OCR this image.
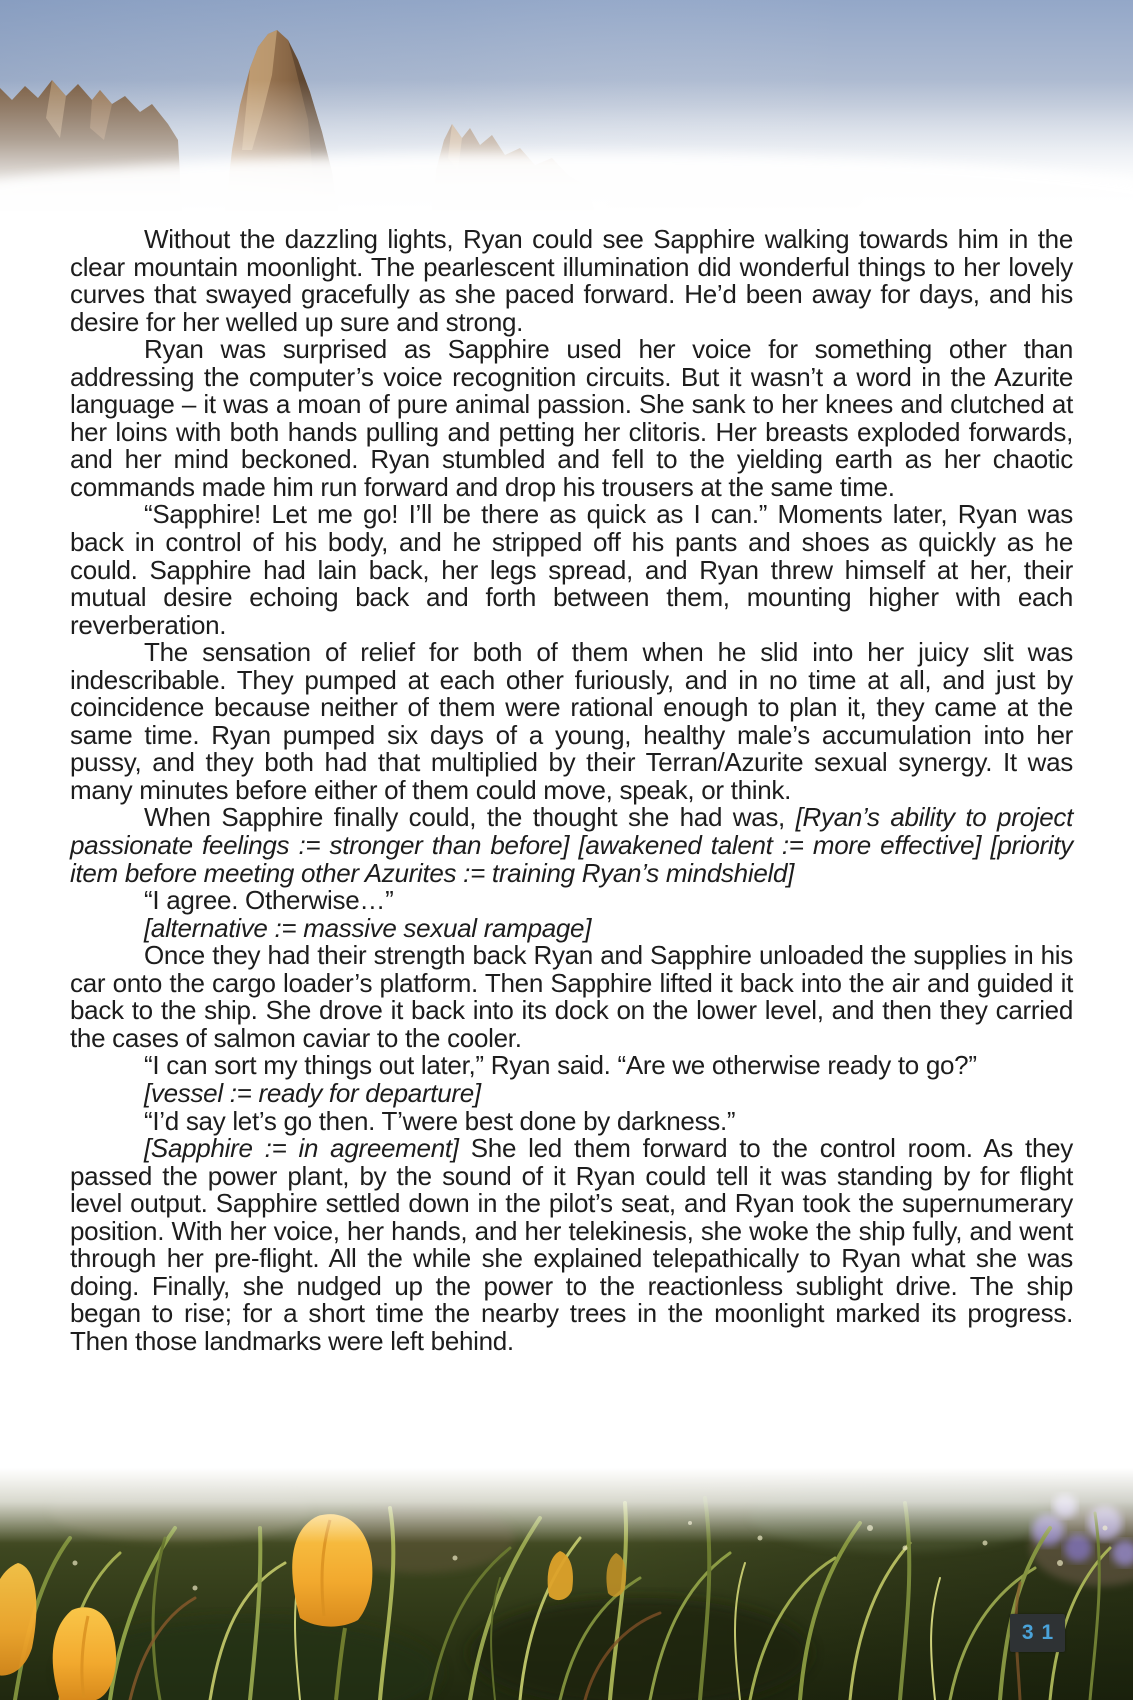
Without the dazzling lights, Ryan could see Sapphire walking towards him in the clear mountain moonlight. The pearlescent illumination did wonderful things to her lovely curves that swayed gracefully as she paced forward. He’d been away for days, and his desire for her welled up sure and strong.

Ryan was surprised as Sapphire used her voice for something other than addressing the computer’s voice recognition circuits. But it wasn’t a word in the Azurite language – it was a moan of pure animal passion. She sank to her knees and clutched at her loins with both hands pulling and petting her clitoris. Her breasts exploded forwards, and her mind beckoned. Ryan stumbled and fell to the yielding earth as her chaotic commands made him run forward and drop his trousers at the same time.

“Sapphire! Let me go! I’ll be there as quick as I can.” Moments later, Ryan was back in control of his body, and he stripped off his pants and shoes as quickly as he could. Sapphire had lain back, her legs spread, and Ryan threw himself at her, their mutual desire echoing back and forth between them, mounting higher with each reverberation.

The sensation of relief for both of them when he slid into her juicy slit was indescribable. They pumped at each other furiously, and in no time at all, and just by coincidence because neither of them were rational enough to plan it, they came at the same time. Ryan pumped six days of a young, healthy male’s accumulation into her pussy, and they both had that multiplied by their Terran/Azurite sexual synergy. It was many minutes before either of them could move, speak, or think.

When Sapphire finally could, the thought she had was, [Ryan’s ability to project passionate feelings := stronger than before] [awakened talent := more effective] [priority item before meeting other Azurites := training Ryan’s mindshield]

“I agree. Otherwise…”

[alternative := massive sexual rampage]

Once they had their strength back Ryan and Sapphire unloaded the supplies in his car onto the cargo loader’s platform. Then Sapphire lifted it back into the air and guided it back to the ship. She drove it back into its dock on the lower level, and then they carried the cases of salmon caviar to the cooler.

“I can sort my things out later,” Ryan said. “Are we otherwise ready to go?”

[vessel := ready for departure]

“I’d say let’s go then. T’were best done by darkness.”

[Sapphire := in agreement] She led them forward to the control room. As they passed the power plant, by the sound of it Ryan could tell it was standing by for flight level output. Sapphire settled down in the pilot’s seat, and Ryan took the supernumerary position. With her voice, her hands, and her telekinesis, she woke the ship fully, and went through her pre-flight. All the while she explained telepathically to Ryan what she was doing. Finally, she nudged up the power to the reactionless sublight drive. The ship began to rise; for a short time the nearby trees in the moonlight marked its progress. Then those landmarks were left behind.

31
